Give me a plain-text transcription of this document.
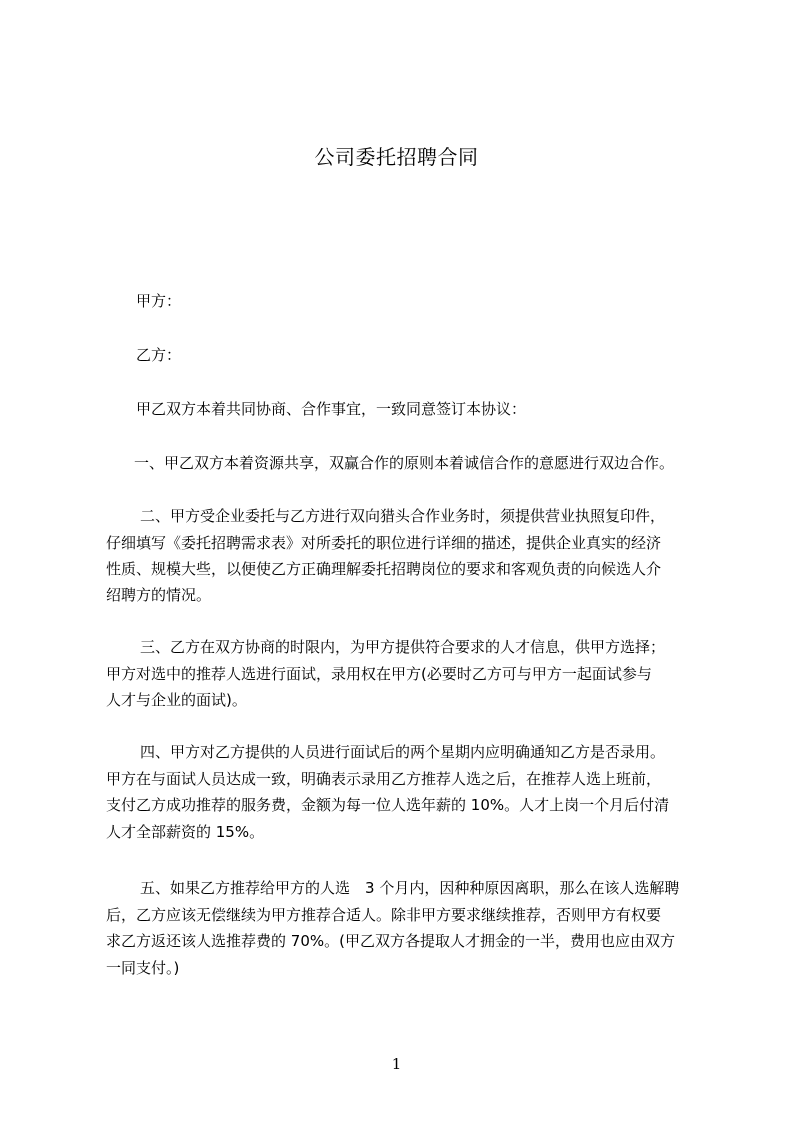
公司委托招聘合同
甲方：
乙方：
甲乙双方本着共同协商、合作事宜，一致同意签订本协议：
一、甲乙双方本着资源共享，双赢合作的原则本着诚信合作的意愿进行双边合作。
二、甲方受企业委托与乙方进行双向猎头合作业务时，须提供营业执照复印件，
仔细填写《委托招聘需求表》对所委托的职位进行详细的描述，提供企业真实的经济
性质、规模大些，以便使乙方正确理解委托招聘岗位的要求和客观负责的向候选人介
绍聘方的情况。
三、乙方在双方协商的时限内，为甲方提供符合要求的人才信息，供甲方选择；
甲方对选中的推荐人选进行面试，录用权在甲方(必要时乙方可与甲方一起面试参与
人才与企业的面试)。
四、甲方对乙方提供的人员进行面试后的两个星期内应明确通知乙方是否录用。
甲方在与面试人员达成一致，明确表示录用乙方推荐人选之后，在推荐人选上班前，
支付乙方成功推荐的服务费，金额为每一位人选年薪的 10%。人才上岗一个月后付清
人才全部薪资的 15%。
五、如果乙方推荐给甲方的人选　3 个月内，因种种原因离职，那么在该人选解聘
后，乙方应该无偿继续为甲方推荐合适人。除非甲方要求继续推荐，否则甲方有权要
求乙方返还该人选推荐费的 70%。(甲乙双方各提取人才拥金的一半，费用也应由双方
一同支付。)
1
